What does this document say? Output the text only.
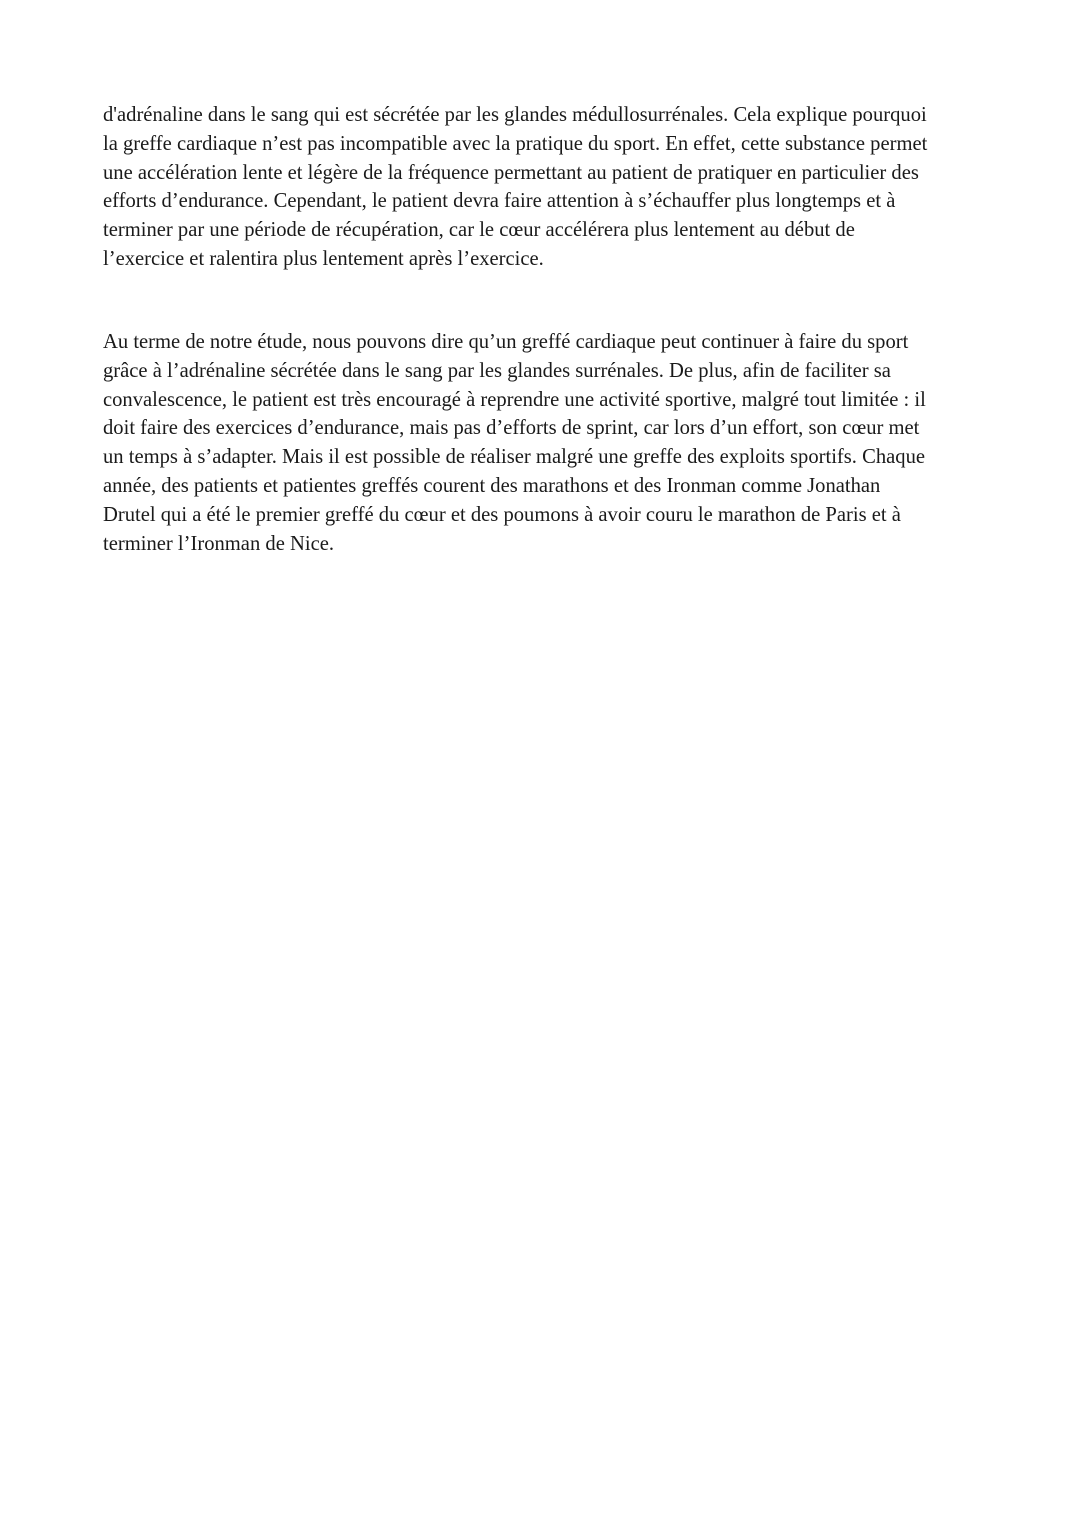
d'adrénaline dans le sang qui est sécrétée par les glandes médullosurrénales. Cela explique pourquoi
la greffe cardiaque n’est pas incompatible avec la pratique du sport. En effet, cette substance permet
une accélération lente et légère de la fréquence permettant au patient de pratiquer en particulier des
efforts d’endurance. Cependant, le patient devra faire attention à s’échauffer plus longtemps et à
terminer par une période de récupération, car le cœur accélérera plus lentement au début de
l’exercice et ralentira plus lentement après l’exercice.

Au terme de notre étude, nous pouvons dire qu’un greffé cardiaque peut continuer à faire du sport
grâce à l’adrénaline sécrétée dans le sang par les glandes surrénales. De plus, afin de faciliter sa
convalescence, le patient est très encouragé à reprendre une activité sportive, malgré tout limitée : il
doit faire des exercices d’endurance, mais pas d’efforts de sprint, car lors d’un effort, son cœur met
un temps à s’adapter. Mais il est possible de réaliser malgré une greffe des exploits sportifs. Chaque
année, des patients et patientes greffés courent des marathons et des Ironman comme Jonathan
Drutel qui a été le premier greffé du cœur et des poumons à avoir couru le marathon de Paris et à
terminer l’Ironman de Nice.
